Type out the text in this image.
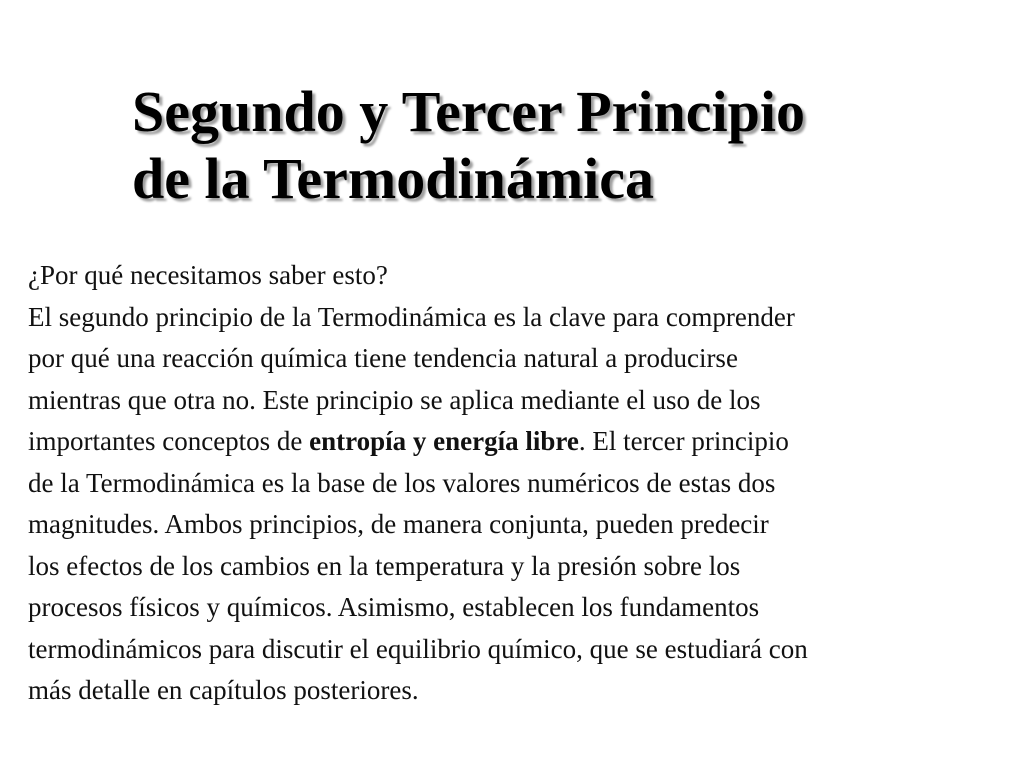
Segundo y Tercer Principio
de la Termodinámica
¿Por qué necesitamos saber esto?
El segundo principio de la Termodinámica es la clave para comprender
por qué una reacción química tiene tendencia natural a producirse
mientras que otra no. Este principio se aplica mediante el uso de los
importantes conceptos de entropía y energía libre. El tercer principio
de la Termodinámica es la base de los valores numéricos de estas dos
magnitudes. Ambos principios, de manera conjunta, pueden predecir
los efectos de los cambios en la temperatura y la presión sobre los
procesos físicos y químicos. Asimismo, establecen los fundamentos
termodinámicos para discutir el equilibrio químico, que se estudiará con
más detalle en capítulos posteriores.
